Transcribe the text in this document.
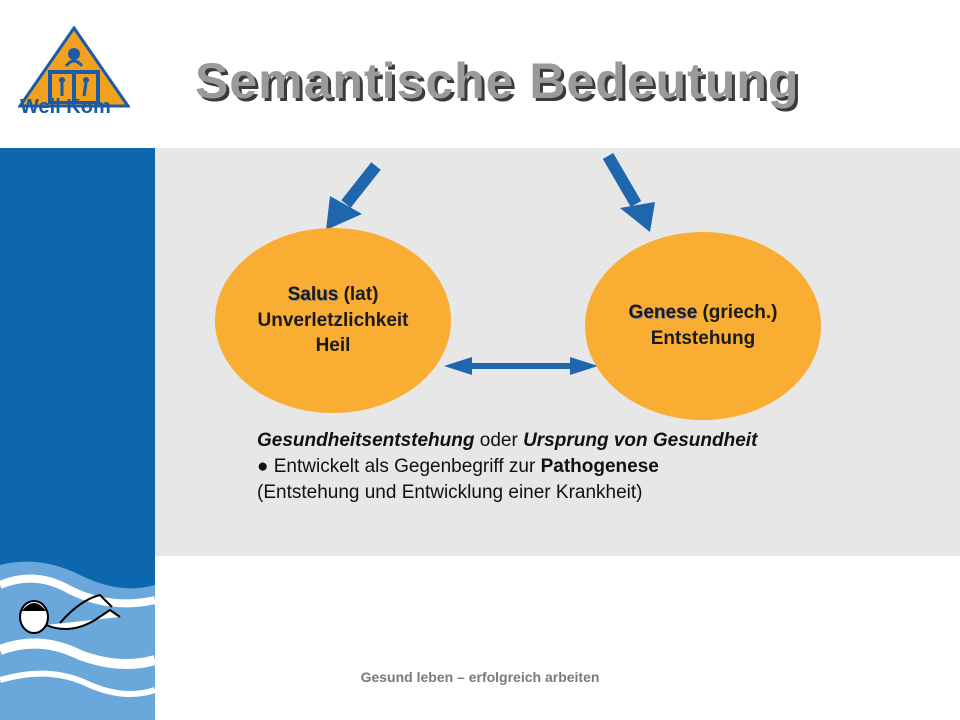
Well Kom Semantische Bedeutung
Salus (lat)
Unverletzlichkeit
Heil
Genese (griech.)
Entstehung
Gesundheitsentstehung oder Ursprung von Gesundheit
● Entwickelt als Gegenbegriff zur Pathogenese
(Entstehung und Entwicklung einer Krankheit)
Gesund leben – erfolgreich arbeiten
